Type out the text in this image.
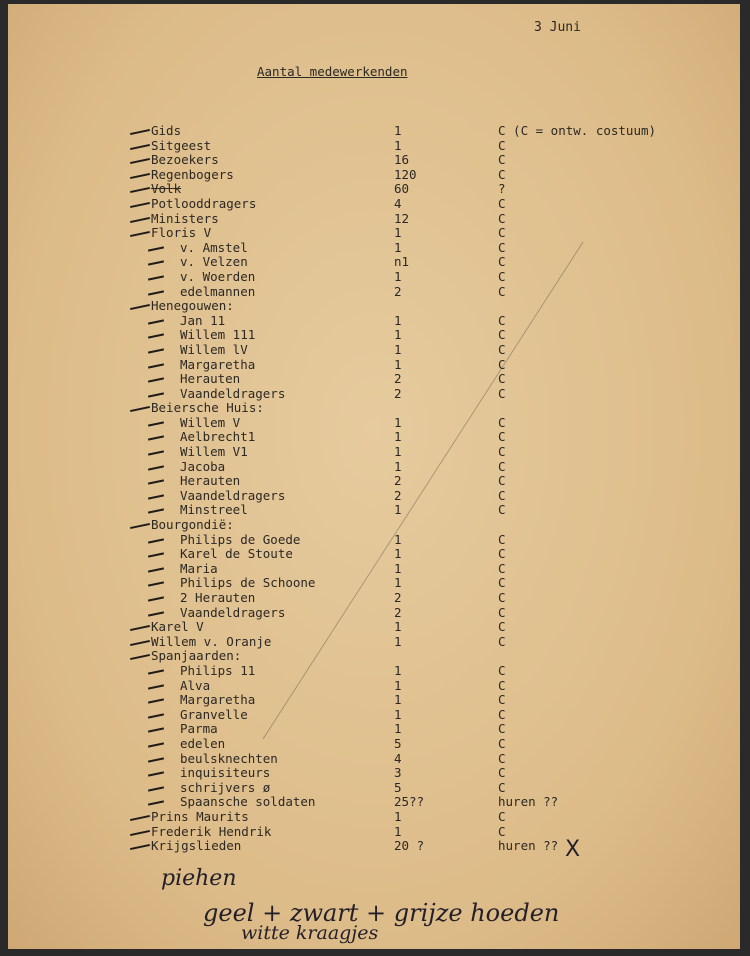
3 Juni
Aantal medewerkenden
Gids	1	C (C = ontw. costuum)
Sitgeest	1	C
Bezoekers	16	C
Regenbogers	120	C
Volk	60	?
Potlooddragers	4	C
Ministers	12	C
Floris V	1	C
v. Amstel	1	C
v. Velzen	n1	C
v. Woerden	1	C
edelmannen	2	C
Henegouwen:
Jan 11	1	C
Willem 111	1	C
Willem lV	1	C
Margaretha	1	C
Herauten	2	C
Vaandeldragers	2	C
Beiersche Huis:
Willem V	1	C
Aelbrecht1	1	C
Willem V1	1	C
Jacoba	1	C
Herauten	2	C
Vaandeldragers	2	C
Minstreel	1	C
Bourgondië:
Philips de Goede	1	C
Karel de Stoute	1	C
Maria	1	C
Philips de Schoone	1	C
2 Herauten	2	C
Vaandeldragers	2	C
Karel V	1	C
Willem v. Oranje	1	C
Spanjaarden:
Philips 11	1	C
Alva	1	C
Margaretha	1	C
Granvelle	1	C
Parma	1	C
edelen	5	C
beulsknechten	4	C
inquisiteurs	3	C
schrijvers ø	5	C
Spaansche soldaten	25??	huren ??
Prins Maurits	1	C
Frederik Hendrik	1	C
Krijgslieden	20 ?	huren ??
piehen
geel + zwart + grijze hoeden
witte kraagjes
X
